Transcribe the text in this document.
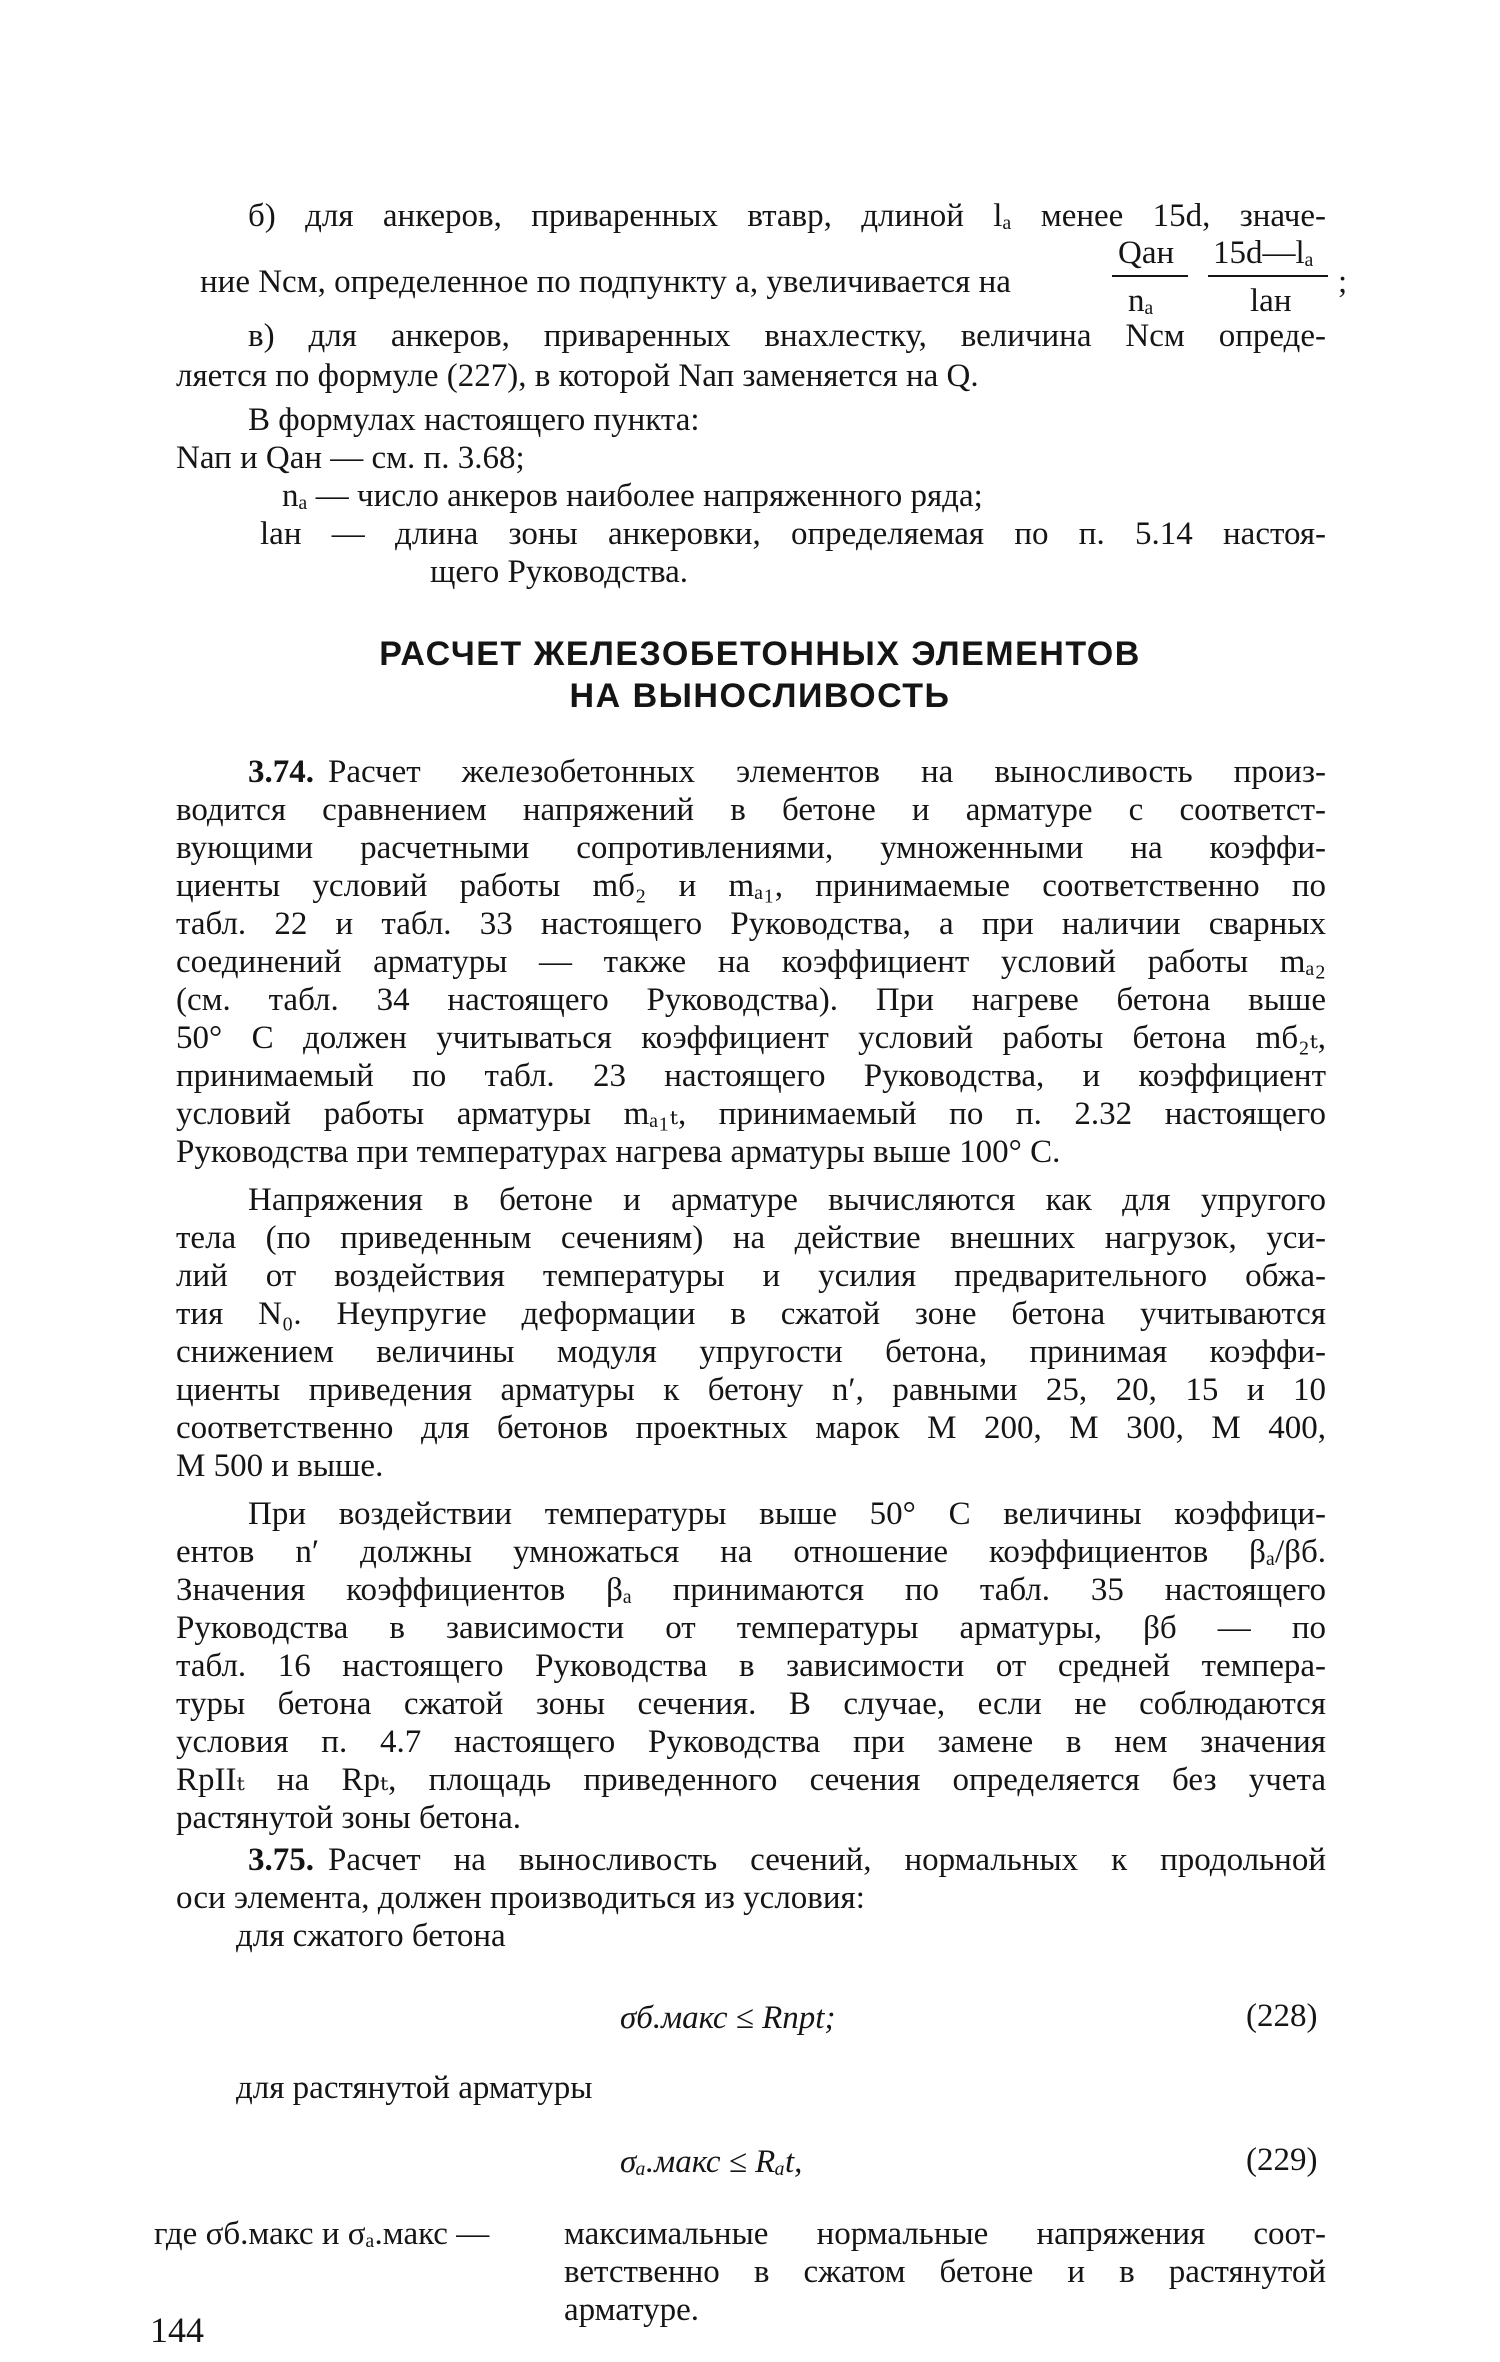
б) для анкеров, приваренных втавр, длиной lₐ менее 15d, значе-
ние Nсм, определенное по подпункту а, увеличивается на
Qан
nₐ
15d—lₐ
lан
;
в) для анкеров, приваренных внахлестку, величина Nсм опреде-
ляется по формуле (227), в которой Nап заменяется на Q.
В формулах настоящего пункта:
Nап и Qан — см. п. 3.68;
nₐ — число анкеров наиболее напряженного ряда;
lан — длина зоны анкеровки, определяемая по п. 5.14 настоя-
щего Руководства.
РАСЧЕТ ЖЕЛЕЗОБЕТОННЫХ ЭЛЕМЕНТОВ
НА ВЫНОСЛИВОСТЬ
3.74. Расчет железобетонных элементов на выносливость произ-
водится сравнением напряжений в бетоне и арматуре с соответст-
вующими расчетными сопротивлениями, умноженными на коэффи-
циенты условий работы mб₂ и mₐ₁, принимаемые соответственно по
табл. 22 и табл. 33 настоящего Руководства, а при наличии сварных
соединений арматуры — также на коэффициент условий работы mₐ₂
(см. табл. 34 настоящего Руководства). При нагреве бетона выше
50° С должен учитываться коэффициент условий работы бетона mб₂ₜ,
принимаемый по табл. 23 настоящего Руководства, и коэффициент
условий работы арматуры mₐ₁ₜ, принимаемый по п. 2.32 настоящего
Руководства при температурах нагрева арматуры выше 100° С.
Напряжения в бетоне и арматуре вычисляются как для упругого
тела (по приведенным сечениям) на действие внешних нагрузок, уси-
лий от воздействия температуры и усилия предварительного обжа-
тия N₀. Неупругие деформации в сжатой зоне бетона учитываются
снижением величины модуля упругости бетона, принимая коэффи-
циенты приведения арматуры к бетону n′, равными 25, 20, 15 и 10
соответственно для бетонов проектных марок М 200, М 300, М 400,
М 500 и выше.
При воздействии температуры выше 50° С величины коэффици-
ентов n′ должны умножаться на отношение коэффициентов βₐ/βб.
Значения коэффициентов βₐ принимаются по табл. 35 настоящего
Руководства в зависимости от температуры арматуры, βб — по
табл. 16 настоящего Руководства в зависимости от средней темпера-
туры бетона сжатой зоны сечения. В случае, если не соблюдаются
условия п. 4.7 настоящего Руководства при замене в нем значения
RрІІₜ на Rрₜ, площадь приведенного сечения определяется без учета
растянутой зоны бетона.
3.75. Расчет на выносливость сечений, нормальных к продольной
оси элемента, должен производиться из условия:
для сжатого бетона
σб.макс ≤ Rпрt;	(228)
для растянутой арматуры
σₐ.макс ≤ Rₐt,	(229)
где σб.макс и σₐ.макс — максимальные нормальные напряжения соот-
ветственно в сжатом бетоне и в растянутой
арматуре.
144
